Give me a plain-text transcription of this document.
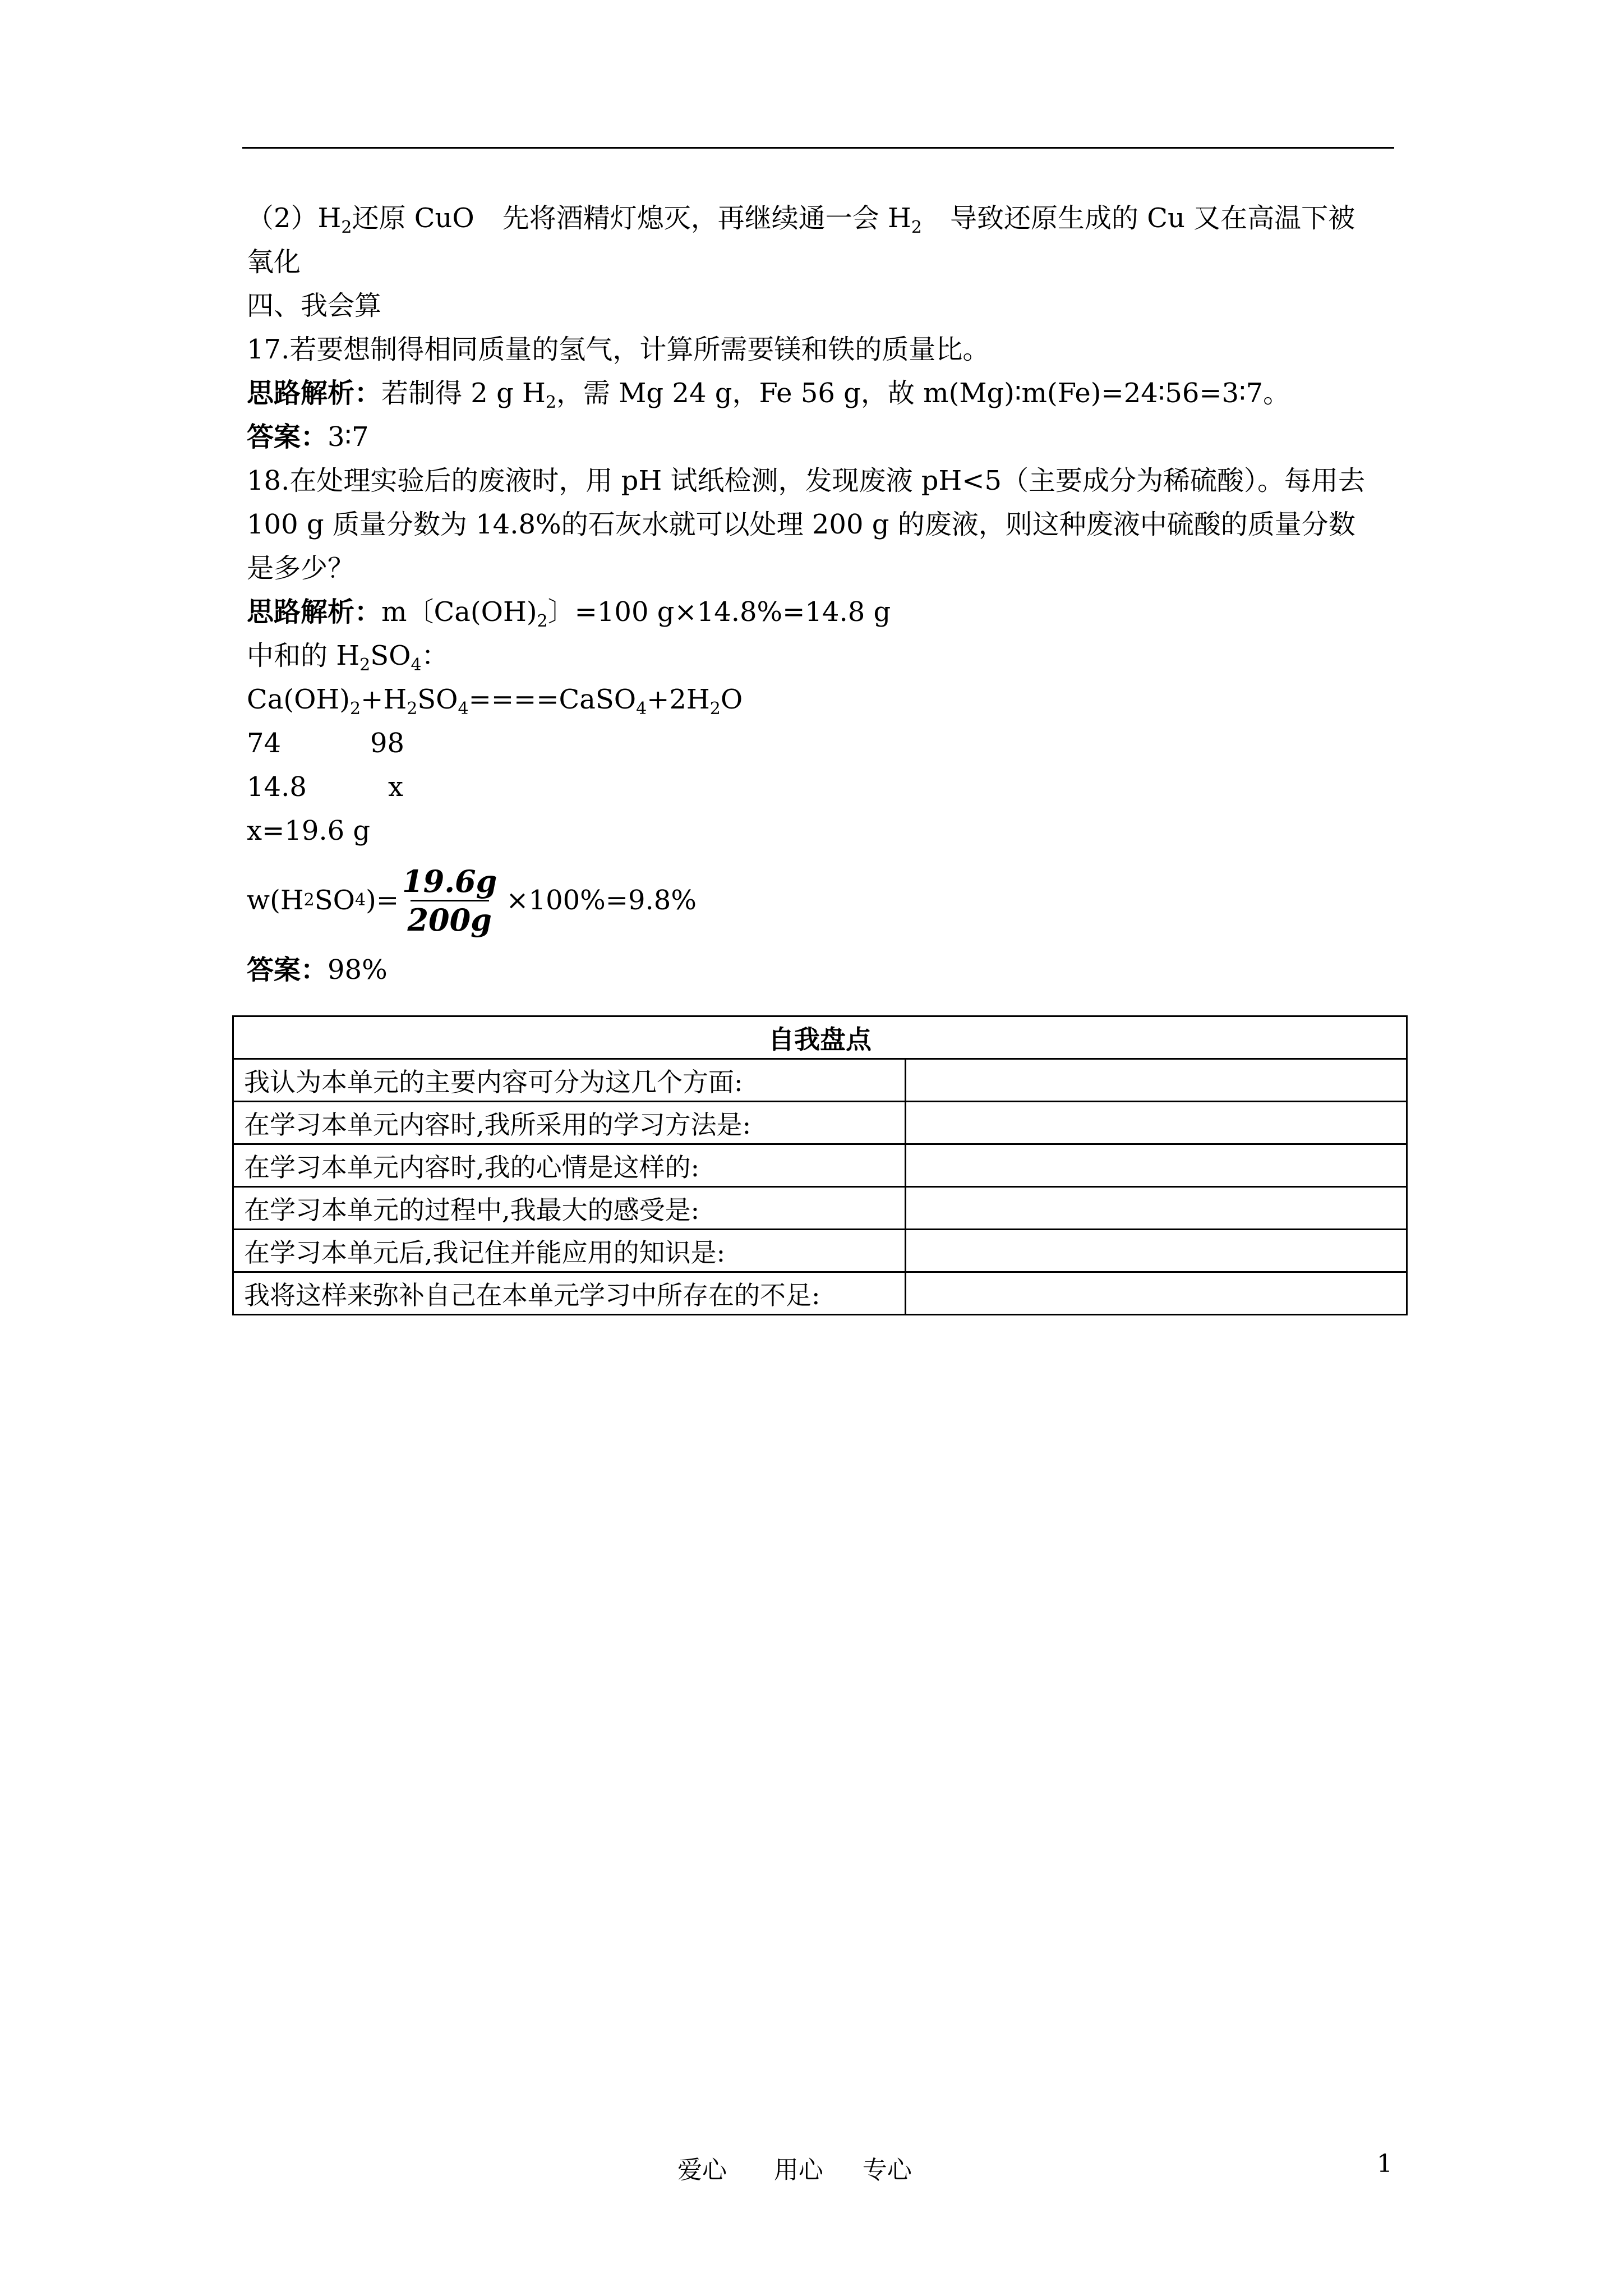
$(2)H_2$还原 CuO 先将酒精灯熄灭，再继续通一会 $H_2$ 导致还原生成的 Cu 又在高温下被
氧化
四、我会算
17.若要想制得相同质量的氢气，计算所需要镁和铁的质量比。
思路解析：若制得 2 g $H_2$，需 Mg 24 g，Fe 56 g，故 m(Mg)∶m(Fe)=24∶56=3∶7。
答案：3∶7
18.在处理实验后的废液时，用 pH 试纸检测，发现废液 pH<5（主要成分为稀硫酸）。每用去
100 g 质量分数为 14.8%的石灰水就可以处理 200 g 的废液，则这种废液中硫酸的质量分数
是多少？
思路解析：m〔$Ca(OH)_2$〕=100 g×14.8%=14.8 g
中和的 $H_2SO_4$：
$Ca(OH)_2+H_2SO_4====CaSO_4+2H_2O$
74	98
14.8	x
x=19.6 g
w(H 2 SO 4 )= $\frac{19.6g}{200g} \times 100\%=9.8\%$
答案：98%
自我盘点	
我认为本单元的主要内容可分为这几个方面:	
在学习本单元内容时,我所采用的学习方法是:	
在学习本单元内容时,我的心情是这样的:	
在学习本单元的过程中,我最大的感受是:	
在学习本单元后,我记住并能应用的知识是:	
我将这样来弥补自己在本单元学习中所存在的不足:	
爱心      用心     专心	1
